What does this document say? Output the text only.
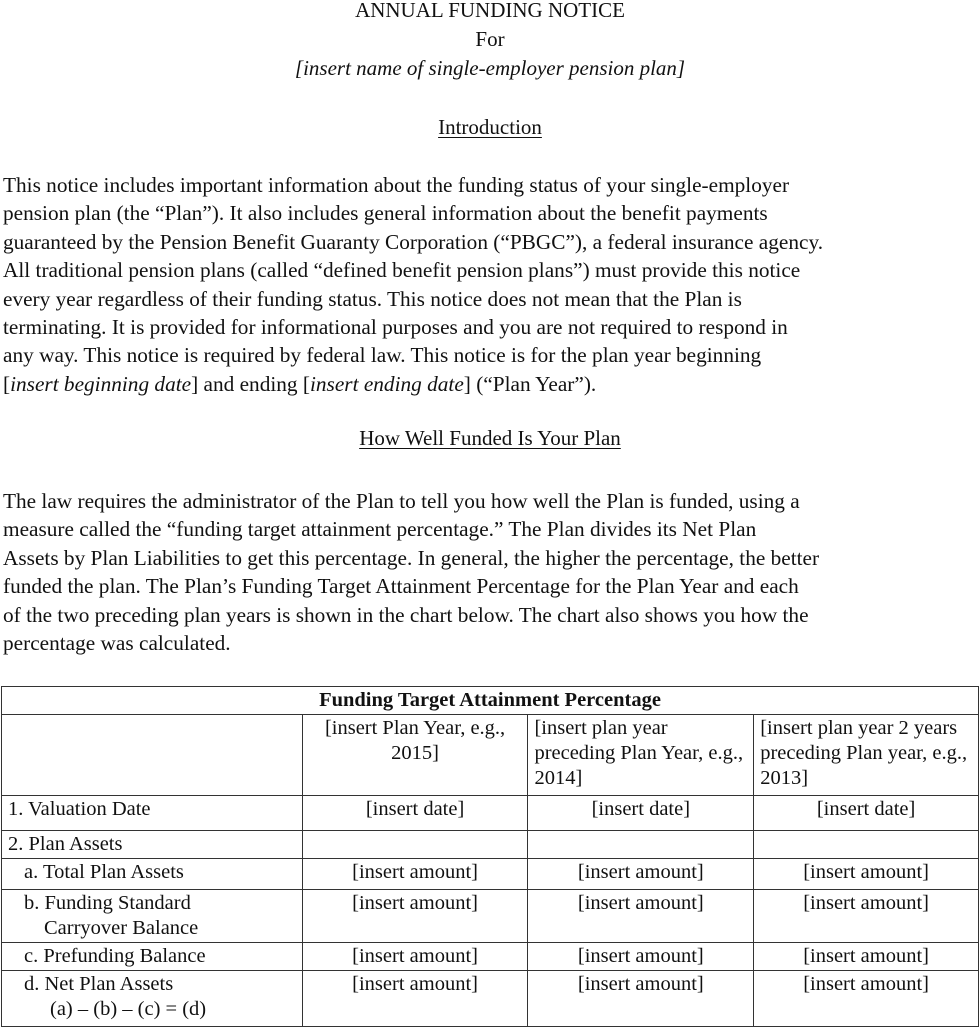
ANNUAL FUNDING NOTICE
For
[insert name of single-employer pension plan]
Introduction
This notice includes important information about the funding status of your single-employer
pension plan (the “Plan”). It also includes general information about the benefit payments
guaranteed by the Pension Benefit Guaranty Corporation (“PBGC”), a federal insurance agency.
All traditional pension plans (called “defined benefit pension plans”) must provide this notice
every year regardless of their funding status. This notice does not mean that the Plan is
terminating. It is provided for informational purposes and you are not required to respond in
any way. This notice is required by federal law. This notice is for the plan year beginning
[insert beginning date] and ending [insert ending date] (“Plan Year”).
How Well Funded Is Your Plan
The law requires the administrator of the Plan to tell you how well the Plan is funded, using a
measure called the “funding target attainment percentage.” The Plan divides its Net Plan
Assets by Plan Liabilities to get this percentage. In general, the higher the percentage, the better
funded the plan. The Plan’s Funding Target Attainment Percentage for the Plan Year and each
of the two preceding plan years is shown in the chart below. The chart also shows you how the
percentage was calculated.
Funding Target Attainment Percentage			
	[insert Plan Year, e.g., 2015]	[insert plan year preceding Plan Year, e.g., 2014]	[insert plan year 2 years preceding Plan year, e.g., 2013]
1. Valuation Date	[insert date]	[insert date]	[insert date]
2. Plan Assets			
a. Total Plan Assets	[insert amount]	[insert amount]	[insert amount]
b. Funding Standard
Carryover Balance	[insert amount]	[insert amount]	[insert amount]
c. Prefunding Balance	[insert amount]	[insert amount]	[insert amount]
d. Net Plan Assets
(a) – (b) – (c) = (d)	[insert amount]	[insert amount]	[insert amount]
